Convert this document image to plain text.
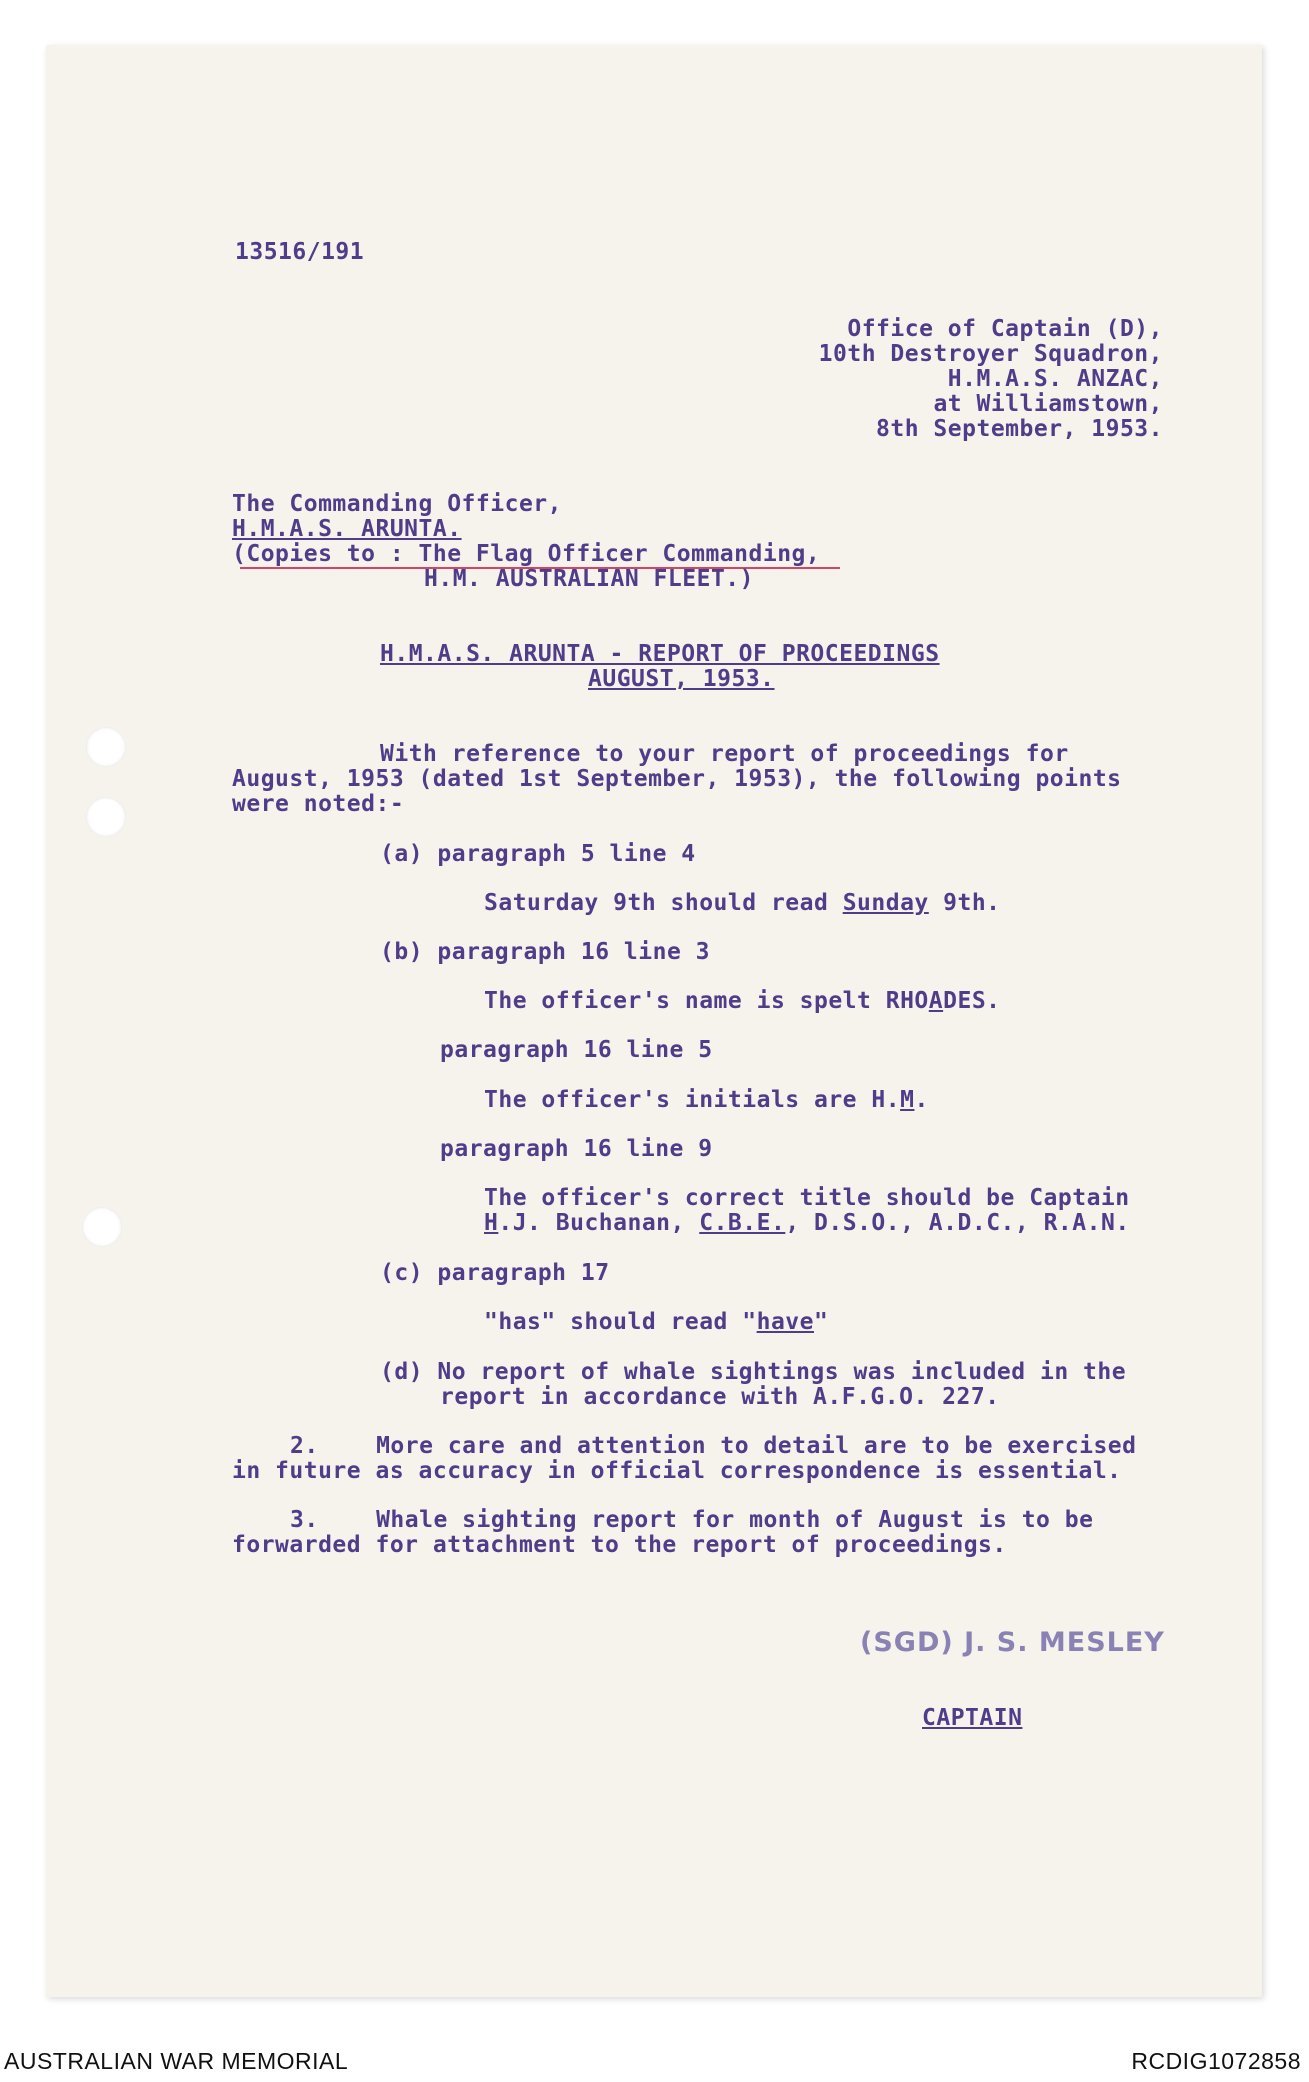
13516/191
Office of Captain (D),
10th Destroyer Squadron,
H.M.A.S. ANZAC,
at Williamstown,
8th September, 1953.
The Commanding Officer,
H.M.A.S. ARUNTA.
(Copies to : The Flag Officer Commanding,
H.M. AUSTRALIAN FLEET.)
H.M.A.S. ARUNTA - REPORT OF PROCEEDINGS
AUGUST, 1953.
With reference to your report of proceedings for
August, 1953 (dated 1st September, 1953), the following points
were noted:-
(a) paragraph 5 line 4
Saturday 9th should read Sunday 9th.
(b) paragraph 16 line 3
The officer's name is spelt RHOADES.
paragraph 16 line 5
The officer's initials are H.M.
paragraph 16 line 9
The officer's correct title should be Captain
H.J. Buchanan, C.B.E., D.S.O., A.D.C., R.A.N.
(c) paragraph 17
"has" should read "have"
(d) No report of whale sightings was included in the
report in accordance with A.F.G.O. 227.
2.    More care and attention to detail are to be exercised
in future as accuracy in official correspondence is essential.
3.    Whale sighting report for month of August is to be
forwarded for attachment to the report of proceedings.
(SGD) J. S. MESLEY
CAPTAIN
AUSTRALIAN WAR MEMORIAL	RCDIG1072858
